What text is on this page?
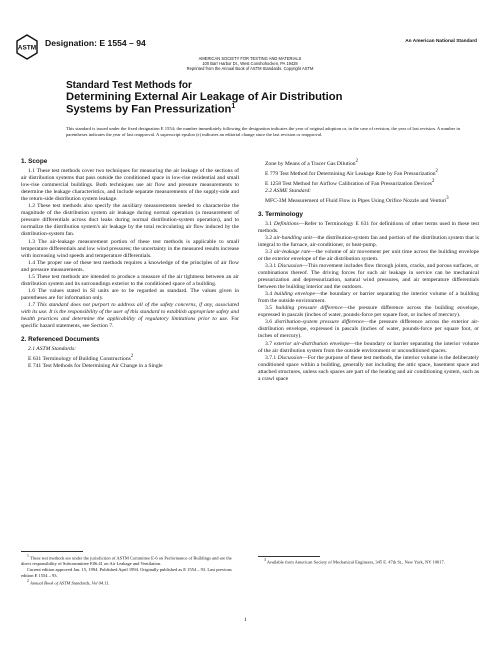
ASTM Designation: E 1554 – 94	An American National Standard
AMERICAN SOCIETY FOR TESTING AND MATERIALS
100 Barr Harbor Dr., West Conshohocken, PA 19428
Reprinted from the Annual Book of ASTM Standards. Copyright ASTM
Standard Test Methods for
Determining External Air Leakage of Air Distribution
Systems by Fan Pressurization$^1$
This standard is issued under the fixed designation E 1554; the number immediately following the designation indicates the year of original adoption or, in the case of revision, the year of last revision. A number in parentheses indicates the year of last reapproval. A superscript epsilon (ε) indicates an editorial change since the last revision or reapproval.
1. Scope

1.1 These test methods cover two techniques for measuring the air leakage of the sections of air distribution systems that pass outside the conditioned space in low-rise residential and small low-rise commercial buildings. Both techniques use air flow and pressure measurements to determine the leakage characteristics, and include separate measurements of the supply-side and the return-side distribution system leakage.

1.2 These test methods also specify the auxiliary measurements needed to characterize the magnitude of the distribution system air leakage during normal operation (a measurement of pressure differentials across duct leaks during normal distribution-system operation), and to normalize the distribution system's air leakage by the total recirculating air flow induced by the distribution-system fan.

1.3 The air-leakage measurement portion of these test methods is applicable to small temperature differentials and low wind pressures; the uncertainty in the measured results increase with increasing wind speeds and temperature differentials.

1.4 The proper use of these test methods requires a knowledge of the principles of air flow and pressure measurements.

1.5 These test methods are intended to produce a measure of the air tightness between an air distribution system and its surroundings exterior to the conditioned space of a building.

1.6 The values stated in SI units are to be regarded as standard. The values given in parentheses are for information only.

1.7 This standard does not purport to address all of the safety concerns, if any, associated with its use. It is the responsibility of the user of this standard to establish appropriate safety and health practices and determine the applicability of regulatory limitations prior to use. For specific hazard statements, see Section 7.

2. Referenced Documents

2.1 ASTM Standards:

E 631 Terminology of Building Constructions$^2$

E 741 Test Methods for Determining Air Change in a Single

Zone by Means of a Tracer Gas Dilution$^2$

E 779 Test Method for Determining Air Leakage Rate by Fan Pressurization$^2$

E 1258 Test Method for Airflow Calibration of Fan Pressurization Devices$^2$

2.2 ASME Standard:

MFC-3M Measurement of Fluid Flow in Pipes Using Orifice Nozzle and Venturi$^3$

3. Terminology

3.1 Definitions—Refer to Terminology E 631 for definitions of other terms used in these test methods.

3.2 air-handling unit—the distribution-system fan and portion of the distribution system that is integral to the furnace, air-conditioner, or heat-pump.

3.3 air-leakage rate—the volume of air movement per unit time across the building envelope or the exterior envelope of the air distribution system.

3.3.1 Discussion—This movement includes flow through joints, cracks, and porous surfaces, or combinations thereof. The driving forces for such air leakage in service can be mechanical pressurization and depressurization, natural wind pressures, and air temperature differentials between the building interior and the outdoors.

3.4 building envelope—the boundary or barrier separating the interior volume of a building from the outside environment.

3.5 building pressure difference—the pressure difference across the building envelope, expressed in pascals (inches of water, pounds-force per square foot, or inches of mercury).

3.6 distribution-system pressure difference—the pressure difference across the exterior air-distribution envelope, expressed in pascals (inches of water, pounds-force per square foot, or inches of mercury).

3.7 exterior air-distribution envelope—the boundary or barrier separating the interior volume of the air distribution system from the outside environment or unconditioned spaces.

3.7.1 Discussion—For the purpose of these test methods, the interior volume is the deliberately conditioned space within a building, generally not including the attic space, basement space and attached structures, unless such spaces are part of the heating and air conditioning system, such as a crawl space

$^1$ These test methods are under the jurisdiction of ASTM Committee E-6 on Performance of Buildings and are the direct responsibility of Subcommittee E06.41 on Air Leakage and Ventilation.

Current edition approved Jan. 15, 1994. Published April 1994. Originally published as E 1554 – 93. Last previous edition E 1554 – 93.

$^2$ Annual Book of ASTM Standards, Vol 04.11.

$^3$ Available from American Society of Mechanical Engineers, 345 E. 47th St., New York, NY 10017.

1
